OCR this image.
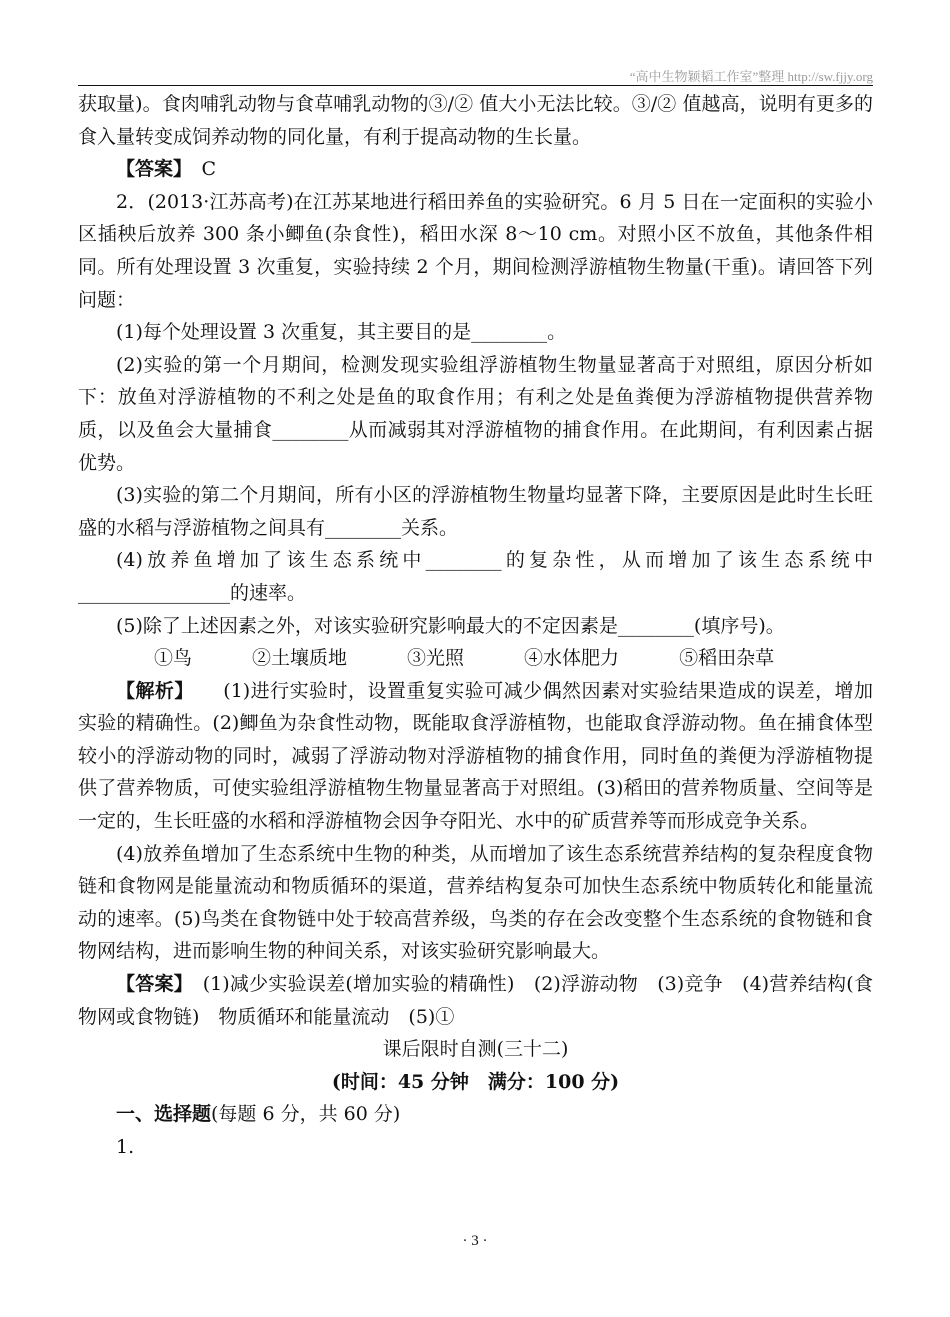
“高中生物颖韬工作室”整理 http://sw.fjjy.org

获取量)。食肉哺乳动物与食草哺乳动物的③/② 值大小无法比较。③/② 值越高，说明有更多的食入量转变成饲养动物的同化量，有利于提高动物的生长量。

【答案】　 C

2．(2013·江苏高考)在江苏某地进行稻田养鱼的实验研究。6 月 5 日在一定面积的实验小区插秧后放养 300 条小鲫鱼(杂食性)，稻田水深 8～10 cm。对照小区不放鱼，其他条件相同。所有处理设置 3 次重复，实验持续 2 个月，期间检测浮游植物生物量(干重)。请回答下列问题：

(1)每个处理设置 3 次重复，其主要目的是________。

(2)实验的第一个月期间，检测发现实验组浮游植物生物量显著高于对照组，原因分析如下：放鱼对浮游植物的不利之处是鱼的取食作用；有利之处是鱼粪便为浮游植物提供营养物质，以及鱼会大量捕食________从而减弱其对浮游植物的捕食作用。在此期间，有利因素占据优势。

(3)实验的第二个月期间，所有小区的浮游植物生物量均显著下降，主要原因是此时生长旺盛的水稻与浮游植物之间具有________关系。

(4)放养鱼增加了该生态系统中________的复杂性，从而增加了该生态系统中________________的速率。

(5)除了上述因素之外，对该实验研究影响最大的不定因素是________(填序号)。

①鸟	②土壤质地	③光照	④水体肥力	⑤稻田杂草

【解析】　　 (1)进行实验时，设置重复实验可减少偶然因素对实验结果造成的误差，增加实验的精确性。(2)鲫鱼为杂食性动物，既能取食浮游植物，也能取食浮游动物。鱼在捕食体型较小的浮游动物的同时，减弱了浮游动物对浮游植物的捕食作用，同时鱼的粪便为浮游植物提供了营养物质，可使实验组浮游植物生物量显著高于对照组。(3)稻田的营养物质量、空间等是一定的，生长旺盛的水稻和浮游植物会因争夺阳光、水中的矿质营养等而形成竞争关系。

(4)放养鱼增加了生态系统中生物的种类，从而增加了该生态系统营养结构的复杂程度食物链和食物网是能量流动和物质循环的渠道，营养结构复杂可加快生态系统中物质转化和能量流动的速率。(5)鸟类在食物链中处于较高营养级，鸟类的存在会改变整个生态系统的食物链和食物网结构，进而影响生物的种间关系，对该实验研究影响最大。

【答案】　 (1)减少实验误差(增加实验的精确性)　(2)浮游动物　(3)竞争　(4)营养结构(食物网或食物链)　物质循环和能量流动　(5)①

课后限时自测(三十二)

(时间：45 分钟　满分：100 分)

一、选择题(每题 6 分，共 60 分)

1.

· 3 ·
